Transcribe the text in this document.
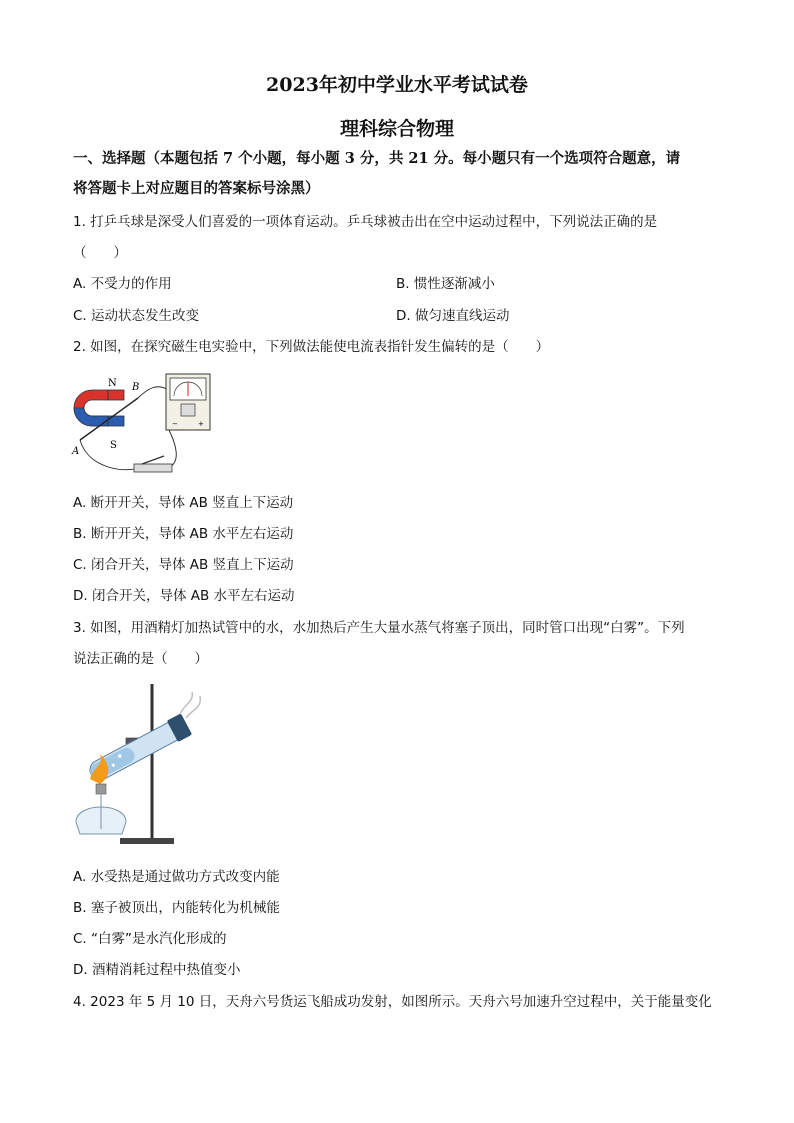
2023年初中学业水平考试试卷
理科综合物理
一、选择题（本题包括 7 个小题，每小题 3 分，共 21 分。每小题只有一个选项符合题意，请
将答题卡上对应题目的答案标号涂黑）
1. 打乒乓球是深受人们喜爱的一项体育运动。乒乓球被击出在空中运动过程中，下列说法正确的是
（　　）
A. 不受力的作用	B. 惯性逐渐减小
C. 运动状态发生改变	D. 做匀速直线运动
2. 如图，在探究磁生电实验中，下列做法能使电流表指针发生偏转的是（　　）
−	+
N B
S
A
A. 断开开关，导体 AB 竖直上下运动
B. 断开开关，导体 AB 水平左右运动
C. 闭合开关，导体 AB 竖直上下运动
D. 闭合开关，导体 AB 水平左右运动
3. 如图，用酒精灯加热试管中的水，水加热后产生大量水蒸气将塞子顶出，同时管口出现“白雾”。下列
说法正确的是（　　）
A. 水受热是通过做功方式改变内能
B. 塞子被顶出，内能转化为机械能
C. “白雾”是水汽化形成的
D. 酒精消耗过程中热值变小
4. 2023 年 5 月 10 日，天舟六号货运飞船成功发射，如图所示。天舟六号加速升空过程中，关于能量变化
